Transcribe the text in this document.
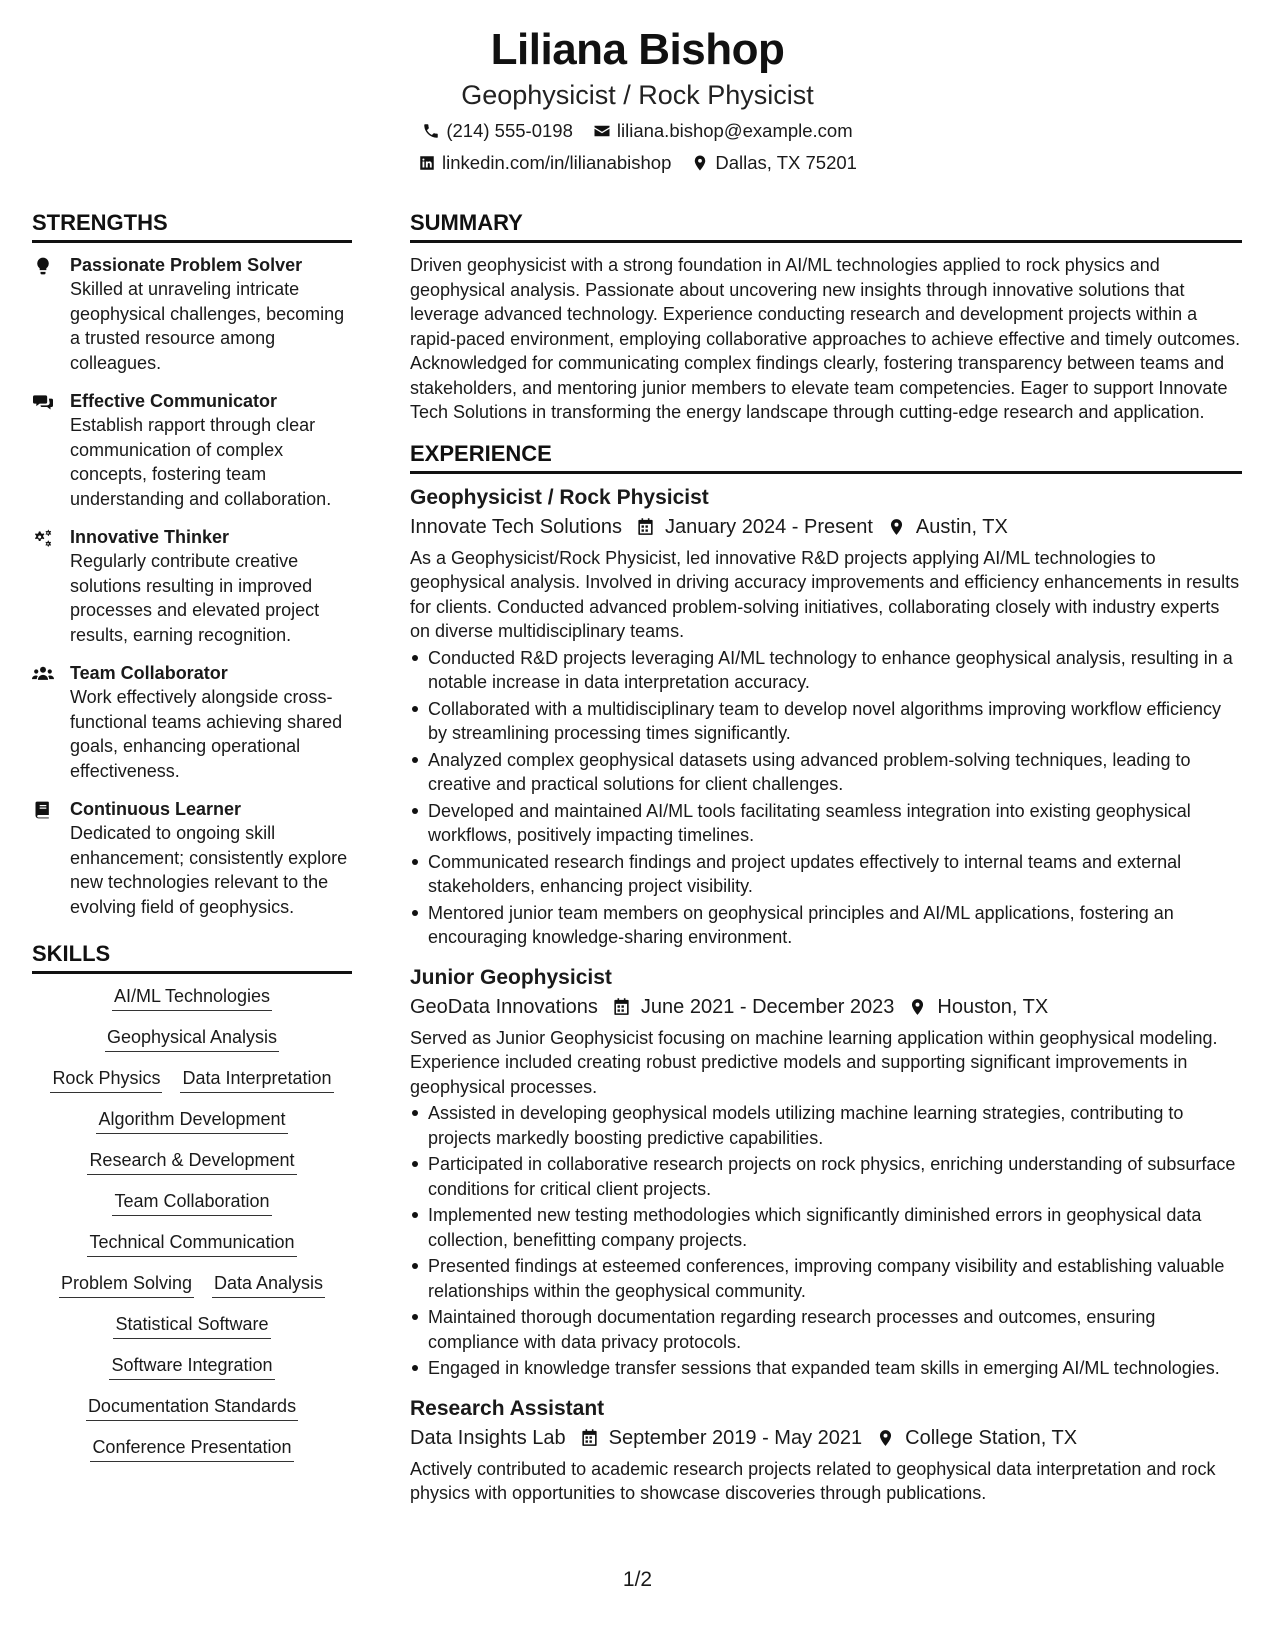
Liliana Bishop
Geophysicist / Rock Physicist
(214) 555-0198 liliana.bishop@example.com
linkedin.com/in/lilianabishop Dallas, TX 75201
STRENGTHS
Passionate Problem Solver
Skilled at unraveling intricate geophysical challenges, becoming a trusted resource among colleagues.
Effective Communicator
Establish rapport through clear communication of complex concepts, fostering team understanding and collaboration.
Innovative Thinker
Regularly contribute creative solutions resulting in improved processes and elevated project results, earning recognition.
Team Collaborator
Work effectively alongside cross-functional teams achieving shared goals, enhancing operational effectiveness.
Continuous Learner
Dedicated to ongoing skill enhancement; consistently explore new technologies relevant to the evolving field of geophysics.
SKILLS
AI/ML Technologies
Geophysical Analysis
Rock Physics Data Interpretation
Algorithm Development
Research & Development
Team Collaboration
Technical Communication
Problem Solving Data Analysis
Statistical Software
Software Integration
Documentation Standards
Conference Presentation
SUMMARY

Driven geophysicist with a strong foundation in AI/ML technologies applied to rock physics and geophysical analysis. Passionate about uncovering new insights through innovative solutions that leverage advanced technology. Experience conducting research and development projects within a rapid-paced environment, employing collaborative approaches to achieve effective and timely outcomes. Acknowledged for communicating complex findings clearly, fostering transparency between teams and stakeholders, and mentoring junior members to elevate team competencies. Eager to support Innovate Tech Solutions in transforming the energy landscape through cutting-edge research and application.

EXPERIENCE
Geophysicist / Rock Physicist
Innovate Tech Solutions January 2024 - Present Austin, TX

As a Geophysicist/Rock Physicist, led innovative R&D projects applying AI/ML technologies to geophysical analysis. Involved in driving accuracy improvements and efficiency enhancements in results for clients. Conducted advanced problem-solving initiatives, collaborating closely with industry experts on diverse multidisciplinary teams.

Conducted R&D projects leveraging AI/ML technology to enhance geophysical analysis, resulting in a notable increase in data interpretation accuracy.
Collaborated with a multidisciplinary team to develop novel algorithms improving workflow efficiency by streamlining processing times significantly.
Analyzed complex geophysical datasets using advanced problem-solving techniques, leading to creative and practical solutions for client challenges.
Developed and maintained AI/ML tools facilitating seamless integration into existing geophysical workflows, positively impacting timelines.
Communicated research findings and project updates effectively to internal teams and external stakeholders, enhancing project visibility.
Mentored junior team members on geophysical principles and AI/ML applications, fostering an encouraging knowledge-sharing environment.
Junior Geophysicist
GeoData Innovations June 2021 - December 2023 Houston, TX

Served as Junior Geophysicist focusing on machine learning application within geophysical modeling. Experience included creating robust predictive models and supporting significant improvements in geophysical processes.

Assisted in developing geophysical models utilizing machine learning strategies, contributing to projects markedly boosting predictive capabilities.
Participated in collaborative research projects on rock physics, enriching understanding of subsurface conditions for critical client projects.
Implemented new testing methodologies which significantly diminished errors in geophysical data collection, benefitting company projects.
Presented findings at esteemed conferences, improving company visibility and establishing valuable relationships within the geophysical community.
Maintained thorough documentation regarding research processes and outcomes, ensuring compliance with data privacy protocols.
Engaged in knowledge transfer sessions that expanded team skills in emerging AI/ML technologies.
Research Assistant
Data Insights Lab September 2019 - May 2021 College Station, TX

Actively contributed to academic research projects related to geophysical data interpretation and rock physics with opportunities to showcase discoveries through publications.

1/2
